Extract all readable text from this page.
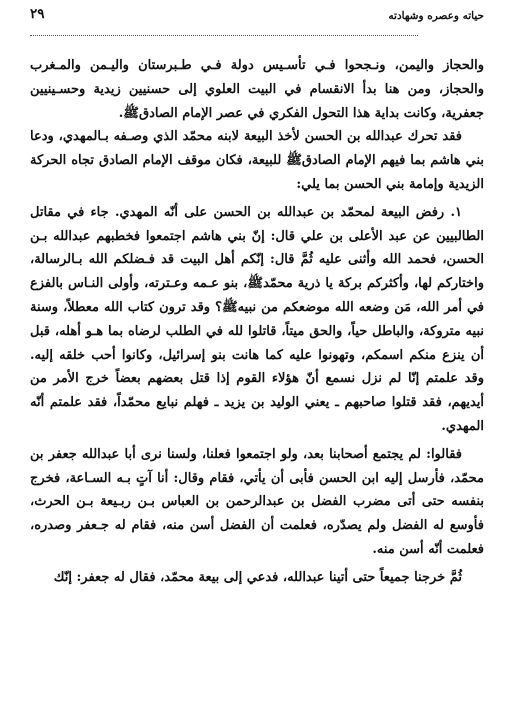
حياته وعصره وشهادته
٢٩

والحجاز واليمن، ونـجحوا فـي تأسـيس دولة فـي طـبرستان واليـمن والمـغرب والحجاز، ومن هنا بدأ الانقسام في البيت العلوي إلى حسنيين زيدية وحسـينيين جعفرية، وكانت بداية هذا التحول الفكري في عصر الإمام الصادقﷺ.

فقد تحرك عبدالله بن الحسن لأخذ البيعة لابنه محمّد الذي وصـفه بـالمهدي، ودعا بني هاشم بما فيهم الإمام الصادقﷺ للبيعة، فكان موقف الإمام الصادق تجاه الحركة الزيدية وإمامة بني الحسن بما يلي:

١. رفض البيعة لمحمّد بن عبدالله بن الحسن على أنّه المهدي. جاء في مقاتل الطالبيين عن عبد الأعلى بن علي قال: إنّ بني هاشم اجتمعوا فخطبهم عبدالله بـن الحسن، فحمد الله وأثنى عليه ثُمَّ قال: إنّكم أهل البيت قد فـضلكم الله بـالرسالة، واختاركم لها، وأكثركم بركة يا ذرية محمّدﷺ، بنو عـمه وعـترته، وأولى النـاس بالفزع في أمر الله، مَن وضعه الله موضعكم من نبيهﷺ؟ وقد ترون كتاب الله معطلاً، وسنة نبيه متروكة، والباطل حياً، والحق ميتاً، قاتلوا لله في الطلب لرضاه بما هـو أهله، قبل أن ينزع منكم اسمكم، وتهونوا عليه كما هانت بنو إسرائيل، وكانوا أحب خلقه إليه. وقد علمتم إنّا لم نزل نسمع أنّ هؤلاء القوم إذا قتل بعضهم بعضاً خرج الأمر من أيديهم، فقد قتلوا صاحبهم ـ يعني الوليد بن يزيد ـ فهلم نبايع محمّداً، فقد علمتم أنّه المهدي.

فقالوا: لم يجتمع أصحابنا بعد، ولو اجتمعوا فعلنا، ولسنا نرى أبا عبدالله جعفر بن محمّد، فأرسل إليه ابن الحسن فأبى أن يأتي، فقام وقال: أنا آتٍ بـه السـاعة، فخرج بنفسه حتى أتى مضرب الفضل بن عبدالرحمن بن العباس بـن ربـيعة بـن الحرث، فأوسع له الفضل ولم يصدّره، فعلمت أن الفضل أسن منه، فقام له جـعفر وصدره، فعلمت أنّه أسن منه.

ثُمَّ خرجنا جميعاً حتى أتينا عبدالله، فدعي إلى بيعة محمّد، فقال له جعفر: إنّك
